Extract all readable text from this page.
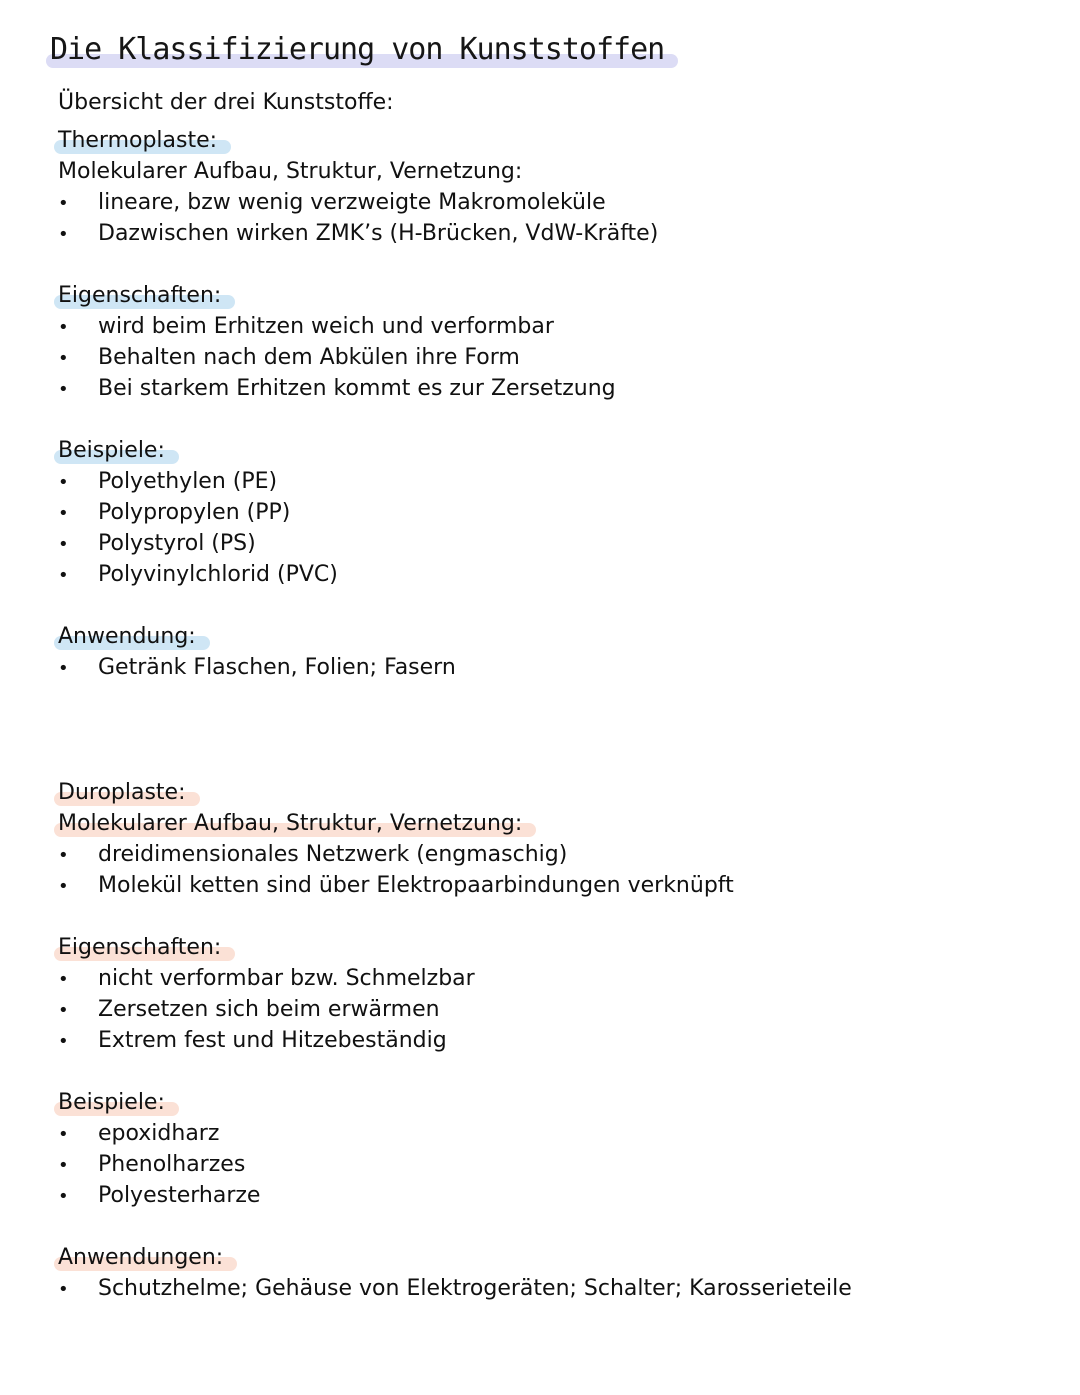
Die Klassifizierung von Kunststoffen
Übersicht der drei Kunststoffe:
Thermoplaste:
Molekularer Aufbau, Struktur, Vernetzung:
• lineare, bzw wenig verzweigte Makromoleküle
• Dazwischen wirken ZMK’s (H-Brücken, VdW-Kräfte)
Eigenschaften:
• wird beim Erhitzen weich und verformbar
• Behalten nach dem Abkülen ihre Form
• Bei starkem Erhitzen kommt es zur Zersetzung
Beispiele:
• Polyethylen (PE)
• Polypropylen (PP)
• Polystyrol (PS)
• Polyvinylchlorid (PVC)
Anwendung:
• Getränk Flaschen, Folien; Fasern
Duroplaste:
Molekularer Aufbau, Struktur, Vernetzung:
• dreidimensionales Netzwerk (engmaschig)
• Molekül ketten sind über Elektropaarbindungen verknüpft
Eigenschaften:
• nicht verformbar bzw. Schmelzbar
• Zersetzen sich beim erwärmen
• Extrem fest und Hitzebeständig
Beispiele:
• epoxidharz
• Phenolharzes
• Polyesterharze
Anwendungen:
• Schutzhelme; Gehäuse von Elektrogeräten; Schalter; Karosserieteile
